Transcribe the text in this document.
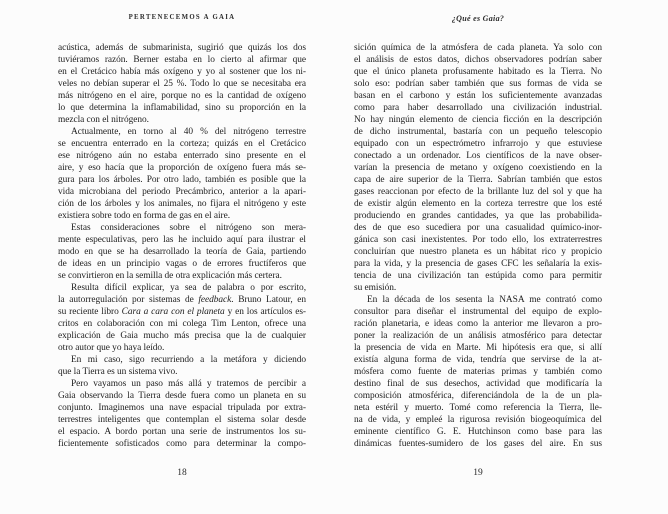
PERTENECEMOS A GAIA	¿Qué es Gaia?
acústica, además de submarinista, sugirió que quizás los dos
tuviéramos razón. Berner estaba en lo cierto al afirmar que
en el Cretácico había más oxígeno y yo al sostener que los ni-
veles no debían superar el 25 %. Todo lo que se necesitaba era
más nitrógeno en el aire, porque no es la cantidad de oxígeno
lo que determina la inflamabilidad, sino su proporción en la
mezcla con el nitrógeno.
Actualmente, en torno al 40 % del nitrógeno terrestre
se encuentra enterrado en la corteza; quizás en el Cretácico
ese nitrógeno aún no estaba enterrado sino presente en el
aire, y eso hacía que la proporción de oxígeno fuera más se-
gura para los árboles. Por otro lado, también es posible que la
vida microbiana del periodo Precámbrico, anterior a la apari-
ción de los árboles y los animales, no fijara el nitrógeno y este
existiera sobre todo en forma de gas en el aire.
Estas consideraciones sobre el nitrógeno son mera-
mente especulativas, pero las he incluido aquí para ilustrar el
modo en que se ha desarrollado la teoría de Gaia, partiendo
de ideas en un principio vagas o de errores fructíferos que
se convirtieron en la semilla de otra explicación más certera.
Resulta difícil explicar, ya sea de palabra o por escrito,
la autorregulación por sistemas de feedback. Bruno Latour, en
su reciente libro Cara a cara con el planeta y en los artículos es-
critos en colaboración con mi colega Tim Lenton, ofrece una
explicación de Gaia mucho más precisa que la de cualquier
otro autor que yo haya leído.
En mi caso, sigo recurriendo a la metáfora y diciendo
que la Tierra es un sistema vivo.
Pero vayamos un paso más allá y tratemos de percibir a
Gaia observando la Tierra desde fuera como un planeta en su
conjunto. Imaginemos una nave espacial tripulada por extra-
terrestres inteligentes que contemplan el sistema solar desde
el espacio. A bordo portan una serie de instrumentos los su-
ficientemente sofisticados como para determinar la compo-
sición química de la atmósfera de cada planeta. Ya solo con
el análisis de estos datos, dichos observadores podrían saber
que el único planeta profusamente habitado es la Tierra. No
solo eso: podrían saber también que sus formas de vida se
basan en el carbono y están los suficientemente avanzadas
como para haber desarrollado una civilización industrial.
No hay ningún elemento de ciencia ficción en la descripción
de dicho instrumental, bastaría con un pequeño telescopio
equipado con un espectrómetro infrarrojo y que estuviese
conectado a un ordenador. Los científicos de la nave obser-
varían la presencia de metano y oxígeno coexistiendo en la
capa de aire superior de la Tierra. Sabrían también que estos
gases reaccionan por efecto de la brillante luz del sol y que ha
de existir algún elemento en la corteza terrestre que los esté
produciendo en grandes cantidades, ya que las probabilida-
des de que eso sucediera por una casualidad químico-inor-
gánica son casi inexistentes. Por todo ello, los extraterrestres
concluirían que nuestro planeta es un hábitat rico y propicio
para la vida, y la presencia de gases CFC les señalaría la exis-
tencia de una civilización tan estúpida como para permitir
su emisión.
En la década de los sesenta la NASA me contrató como
consultor para diseñar el instrumental del equipo de explo-
ración planetaria, e ideas como la anterior me llevaron a pro-
poner la realización de un análisis atmosférico para detectar
la presencia de vida en Marte. Mi hipótesis era que, si allí
existía alguna forma de vida, tendría que servirse de la at-
mósfera como fuente de materias primas y también como
destino final de sus desechos, actividad que modificaría la
composición atmosférica, diferenciándola de la de un pla-
neta estéril y muerto. Tomé como referencia la Tierra, lle-
na de vida, y empleé la rigurosa revisión biogeoquímica del
eminente científico G. E. Hutchinson como base para las
dinámicas fuentes-sumidero de los gases del aire. En sus
18	19
